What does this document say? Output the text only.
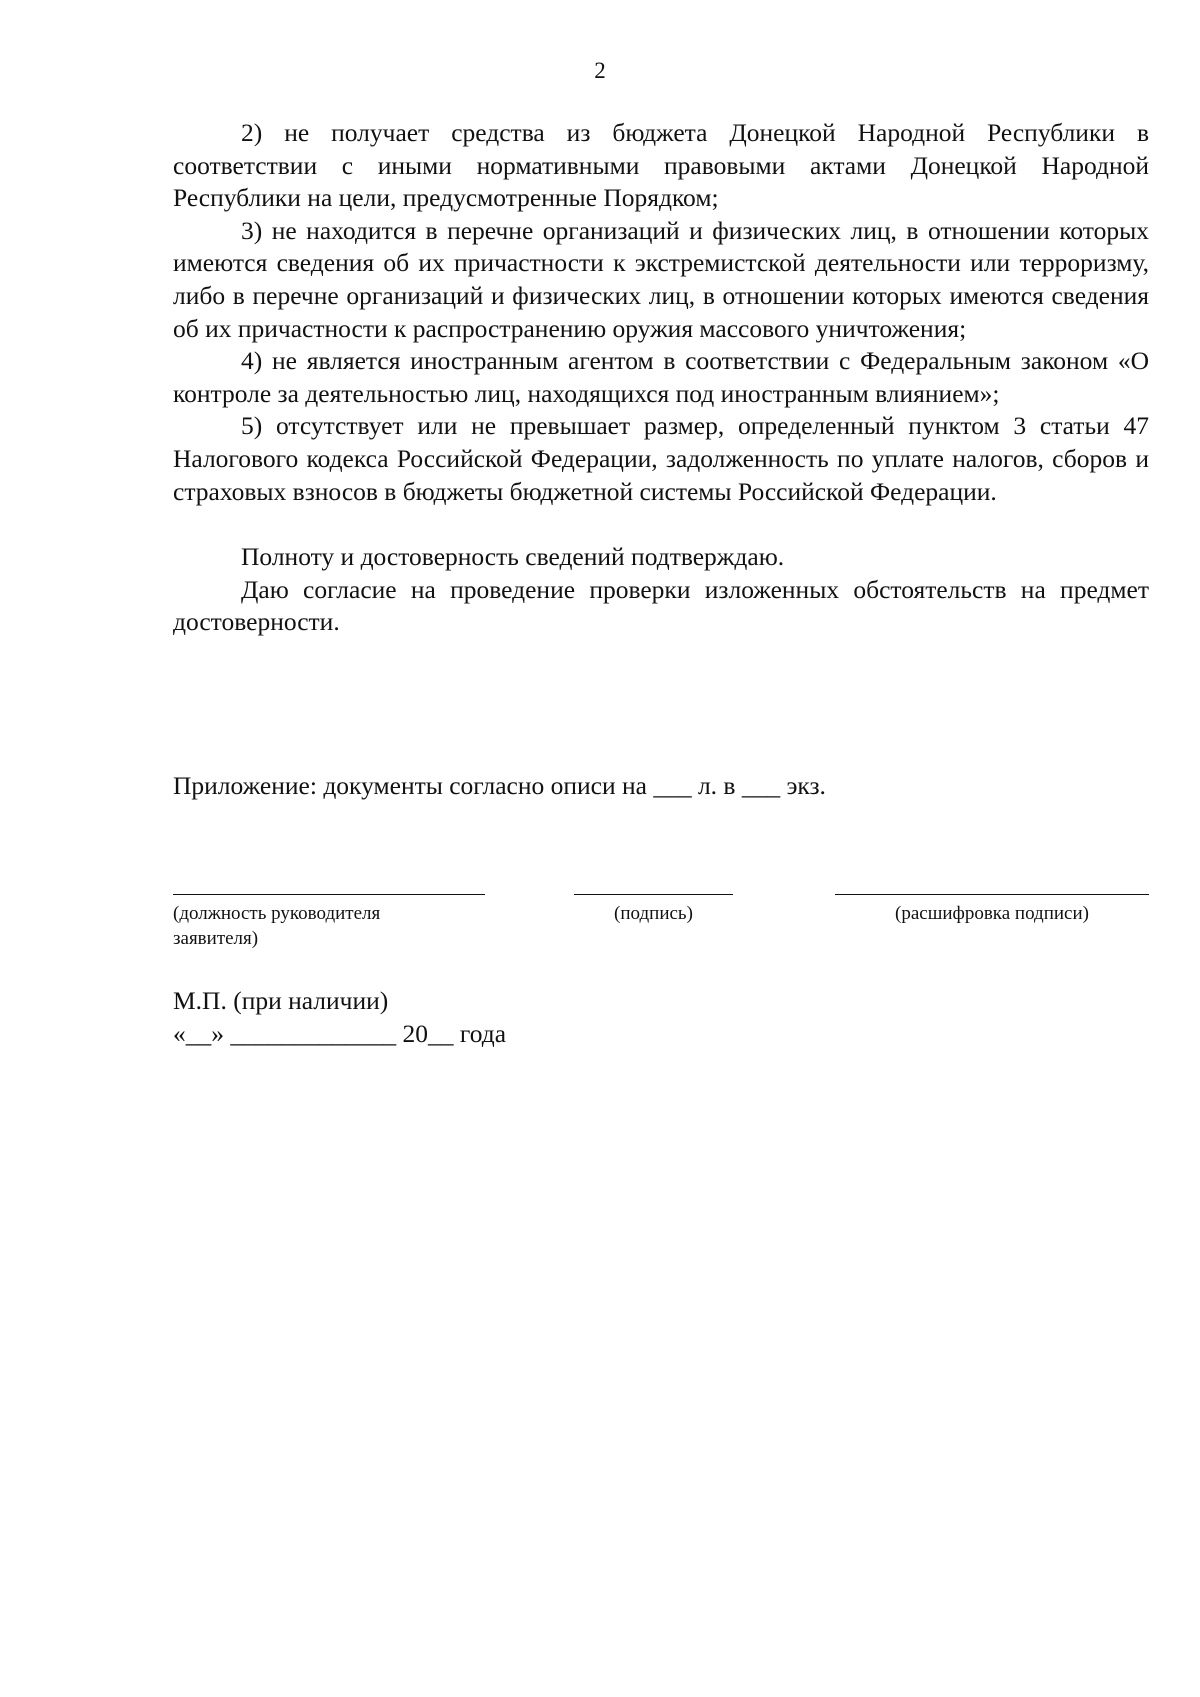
2

2) не получает средства из бюджета Донецкой Народной Республики в соответствии с иными нормативными правовыми актами Донецкой Народной Республики на цели, предусмотренные Порядком;

3) не находится в перечне организаций и физических лиц, в отношении которых имеются сведения об их причастности к экстремистской деятельности или терроризму, либо в перечне организаций и физических лиц, в отношении которых имеются сведения об их причастности к распространению оружия массового уничтожения;

4) не является иностранным агентом в соответствии с Федеральным законом «О контроле за деятельностью лиц, находящихся под иностранным влиянием»;

5) отсутствует или не превышает размер, определенный пунктом 3 статьи 47 Налогового кодекса Российской Федерации, задолженность по уплате налогов, сборов и страховых взносов в бюджеты бюджетной системы Российской Федерации.

Полноту и достоверность сведений подтверждаю.

Даю согласие на проведение проверки изложенных обстоятельств на предмет достоверности.

Приложение: документы согласно описи на ___ л. в ___ экз.
(должность руководителя заявителя)
(подпись)	(расшифровка подписи)
М.П. (при наличии)
«__» _____________ 20__ года
